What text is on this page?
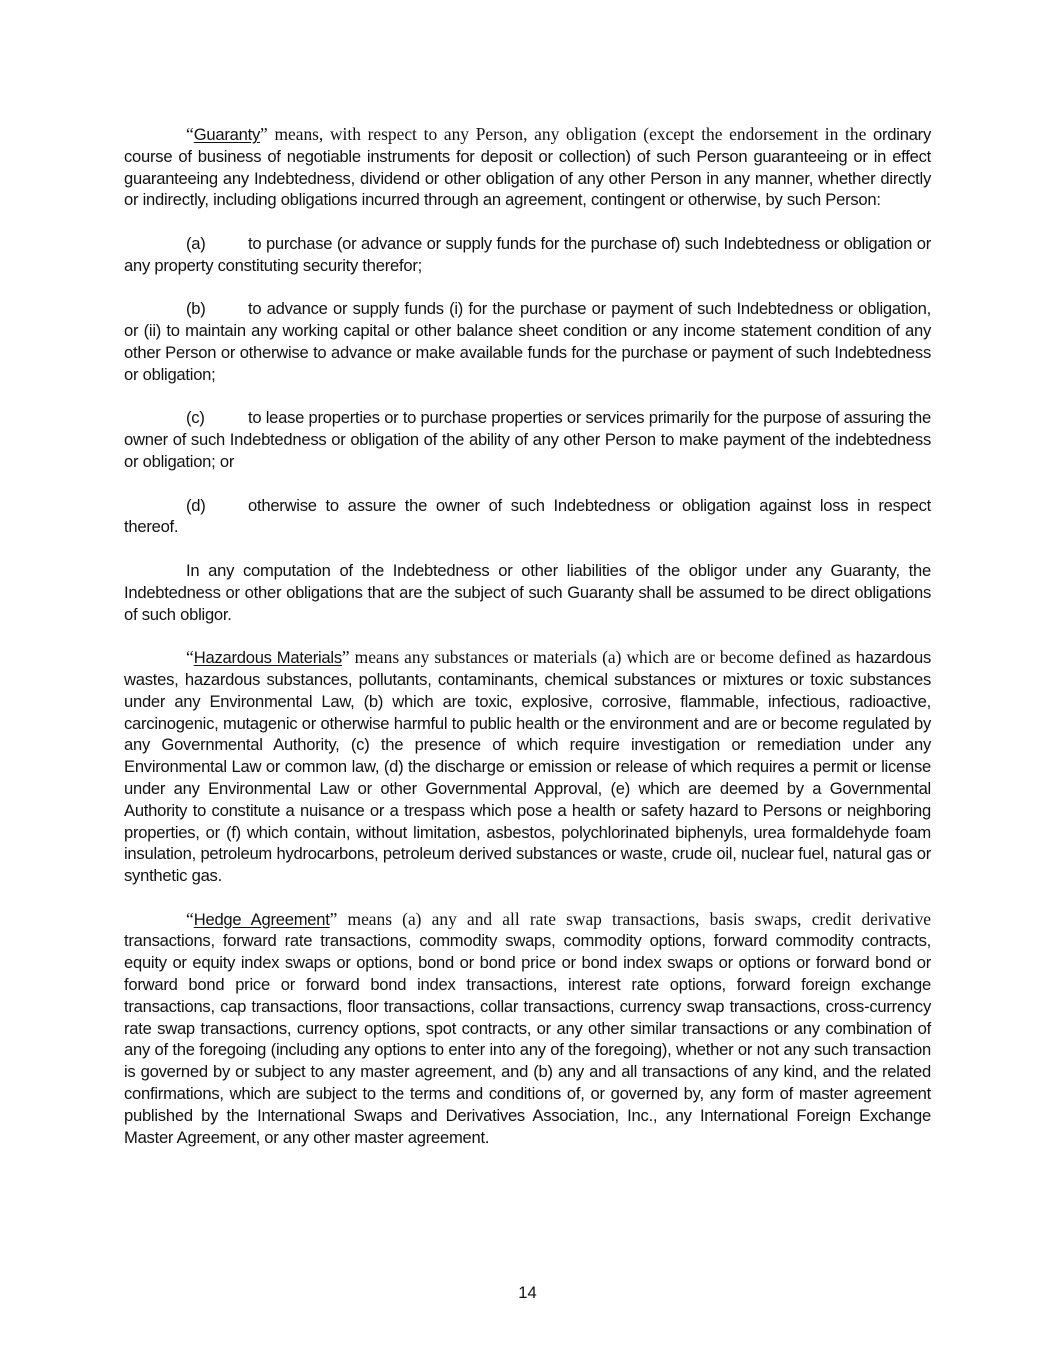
“Guaranty” means, with respect to any Person, any obligation (except the endorsement in the ordinary course of business of negotiable instruments for deposit or collection) of such Person guaranteeing or in effect guaranteeing any Indebtedness, dividend or other obligation of any other Person in any manner, whether directly or indirectly, including obligations incurred through an agreement, contingent or otherwise, by such Person:

(a)	to purchase (or advance or supply funds for the purchase of) such Indebtedness or obligation or any property constituting security therefor;

(b)	to advance or supply funds (i) for the purchase or payment of such Indebtedness or obligation, or (ii) to maintain any working capital or other balance sheet condition or any income statement condition of any other Person or otherwise to advance or make available funds for the purchase or payment of such Indebtedness or obligation;

(c)	to lease properties or to purchase properties or services primarily for the purpose of assuring the owner of such Indebtedness or obligation of the ability of any other Person to make payment of the indebtedness or obligation; or

(d)	otherwise to assure the owner of such Indebtedness or obligation against loss in respect thereof.

In any computation of the Indebtedness or other liabilities of the obligor under any Guaranty, the Indebtedness or other obligations that are the subject of such Guaranty shall be assumed to be direct obligations of such obligor.

“Hazardous Materials” means any substances or materials (a) which are or become defined as hazardous wastes, hazardous substances, pollutants, contaminants, chemical substances or mixtures or toxic substances under any Environmental Law, (b) which are toxic, explosive, corrosive, flammable, infectious, radioactive, carcinogenic, mutagenic or otherwise harmful to public health or the environment and are or become regulated by any Governmental Authority, (c) the presence of which require investigation or remediation under any Environmental Law or common law, (d) the discharge or emission or release of which requires a permit or license under any Environmental Law or other Governmental Approval, (e) which are deemed by a Governmental Authority to constitute a nuisance or a trespass which pose a health or safety hazard to Persons or neighboring properties, or (f) which contain, without limitation, asbestos, polychlorinated biphenyls, urea formaldehyde foam insulation, petroleum hydrocarbons, petroleum derived substances or waste, crude oil, nuclear fuel, natural gas or synthetic gas.

“Hedge Agreement” means (a) any and all rate swap transactions, basis swaps, credit derivative transactions, forward rate transactions, commodity swaps, commodity options, forward commodity contracts, equity or equity index swaps or options, bond or bond price or bond index swaps or options or forward bond or forward bond price or forward bond index transactions, interest rate options, forward foreign exchange transactions, cap transactions, floor transactions, collar transactions, currency swap transactions, cross-currency rate swap transactions, currency options, spot contracts, or any other similar transactions or any combination of any of the foregoing (including any options to enter into any of the foregoing), whether or not any such transaction is governed by or subject to any master agreement, and (b) any and all transactions of any kind, and the related confirmations, which are subject to the terms and conditions of, or governed by, any form of master agreement published by the International Swaps and Derivatives Association, Inc., any International Foreign Exchange Master Agreement, or any other master agreement.

14
